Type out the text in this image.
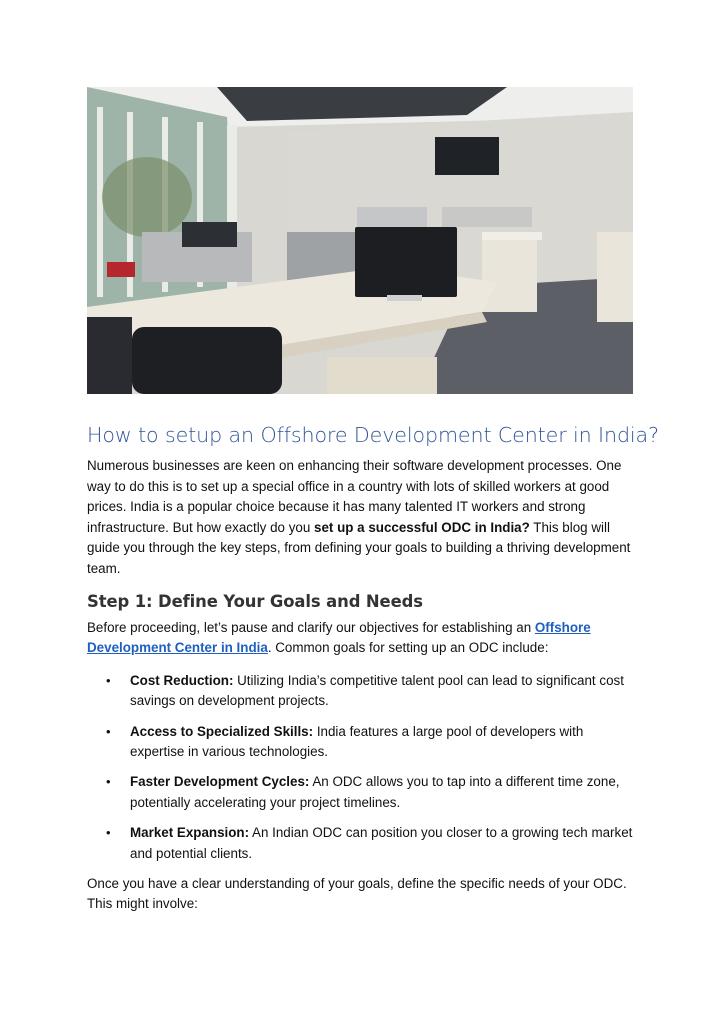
How to setup an Offshore Development Center in India?

Numerous businesses are keen on enhancing their software development processes. One way to do this is to set up a special office in a country with lots of skilled workers at good prices. India is a popular choice because it has many talented IT workers and strong infrastructure. But how exactly do you set up a successful ODC in India? This blog will guide you through the key steps, from defining your goals to building a thriving development team.

Step 1: Define Your Goals and Needs

Before proceeding, let’s pause and clarify our objectives for establishing an Offshore Development Center in India. Common goals for setting up an ODC include:

• Cost Reduction: Utilizing India’s competitive talent pool can lead to significant cost savings on development projects.
• Access to Specialized Skills: India features a large pool of developers with expertise in various technologies.
• Faster Development Cycles: An ODC allows you to tap into a different time zone, potentially accelerating your project timelines.
• Market Expansion: An Indian ODC can position you closer to a growing tech market and potential clients.

Once you have a clear understanding of your goals, define the specific needs of your ODC. This might involve:
